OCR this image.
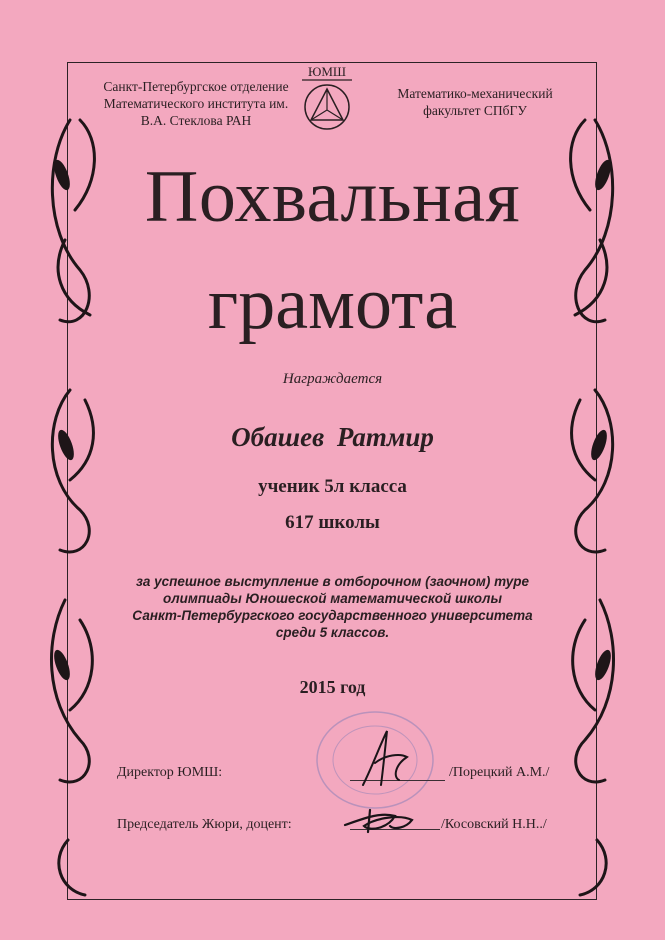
Санкт-Петербургское отделение
Математического института им.
В.А. Стеклова РАН
ЮМШ
Математико-механический
факультет СПбГУ
Похвальная
грамота
Награждается
Обашев Ратмир
ученик 5л класса
617 школы
за успешное выступление в отборочном (заочном) туре
олимпиады Юношеской математической школы
Санкт-Петербургского государственного университета
среди 5 классов.
2015 год
Директор ЮМШ:	/Порецкий А.М./
Председатель Жюри, доцент:	/Косовский Н.Н../
